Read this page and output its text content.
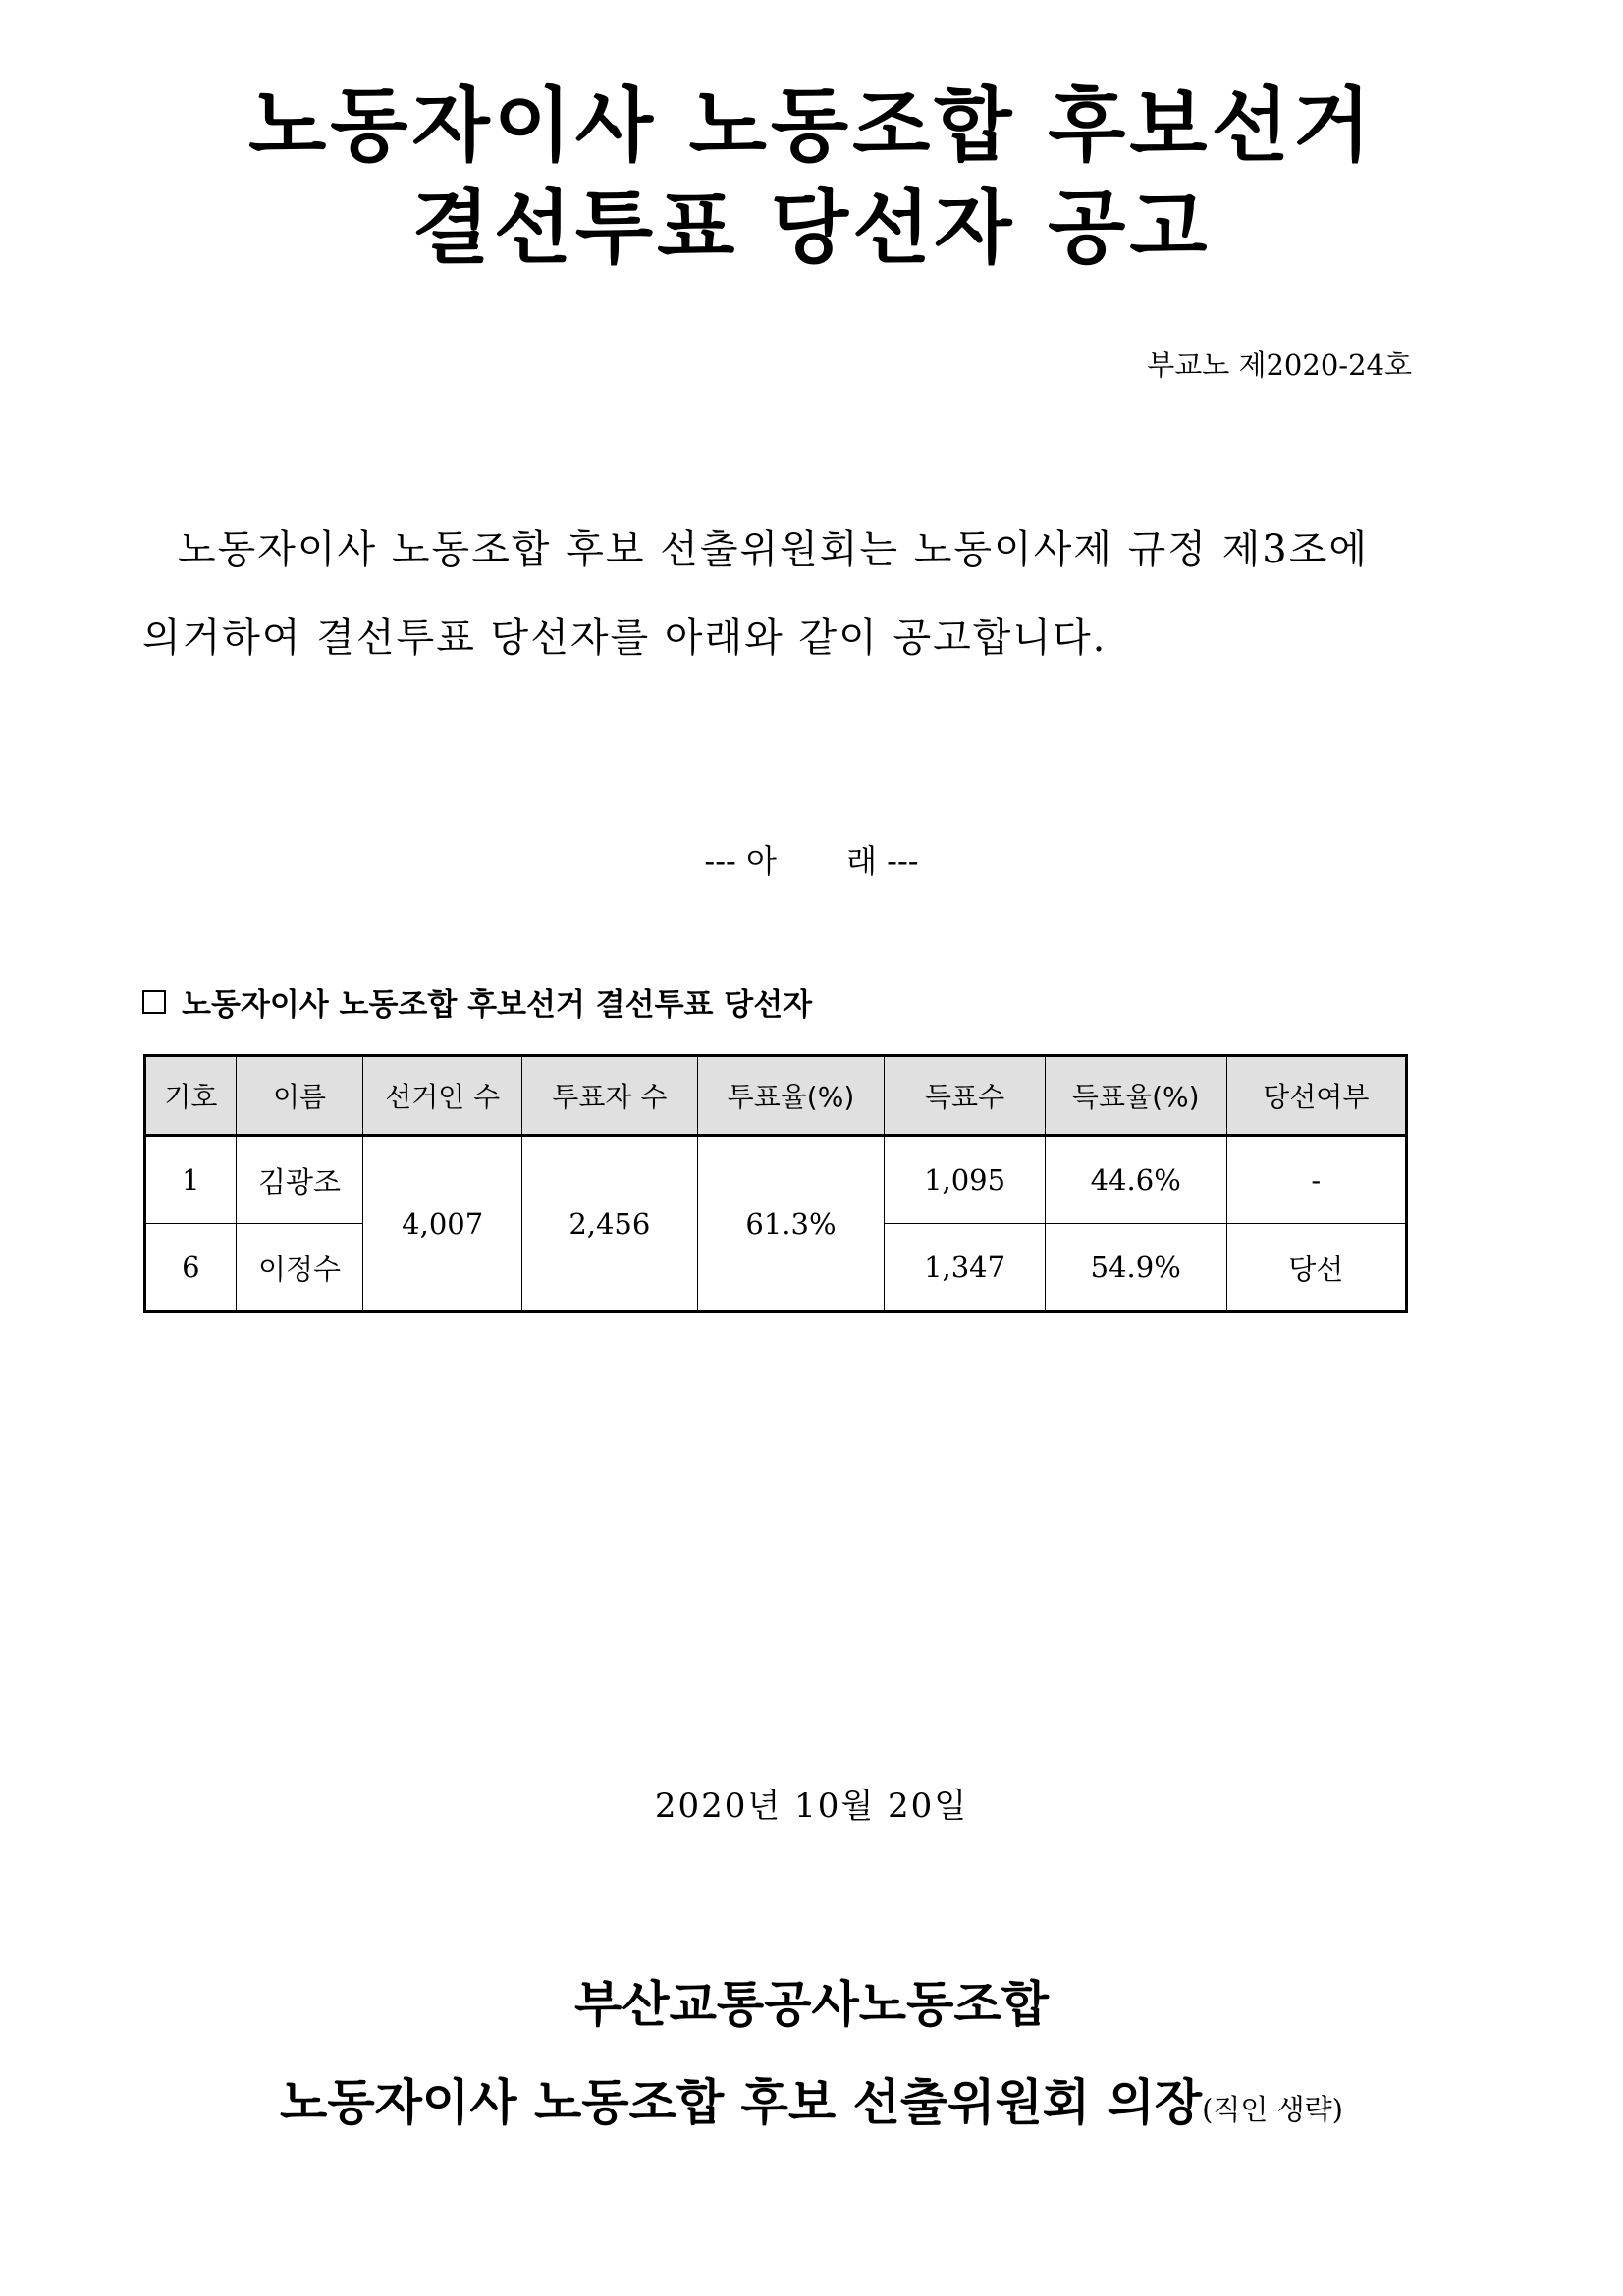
노동자이사 노동조합 후보선거
결선투표 당선자 공고
부교노 제2020-24호

노동자이사 노동조합 후보 선출위원회는 노동이사제 규정 제3조에 의거하여 결선투표 당선자를 아래와 같이 공고합니다.

--- 아       래 ---
노동자이사 노동조합 후보선거 결선투표 당선자
기호	이름	선거인 수	투표자 수	투표율(%)	득표수	득표율(%)	당선여부
1	김광조	4,007	2,456	61.3%	1,095	44.6%	-
6	이정수				1,347	54.9%	당선
2020년 10월 20일
부산교통공사노동조합
노동자이사 노동조합 후보 선출위원회 의장(직인 생략)
